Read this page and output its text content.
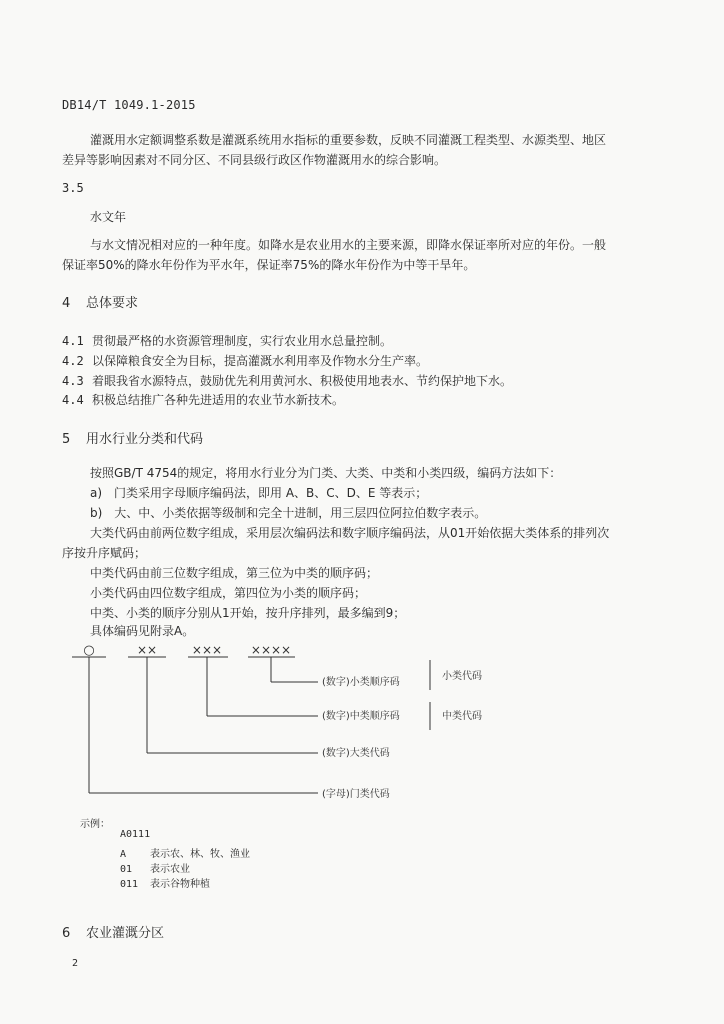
DB14/T 1049.1-2015
灌溉用水定额调整系数是灌溉系统用水指标的重要参数，反映不同灌溉工程类型、水源类型、地区
差异等影响因素对不同分区、不同县级行政区作物灌溉用水的综合影响。
3.5
水文年
与水文情况相对应的一种年度。如降水是农业用水的主要来源，即降水保证率所对应的年份。一般
保证率50%的降水年份作为平水年，保证率75%的降水年份作为中等干旱年。
4 总体要求
4.1 贯彻最严格的水资源管理制度，实行农业用水总量控制。
4.2 以保障粮食安全为目标，提高灌溉水利用率及作物水分生产率。
4.3 着眼我省水源特点，鼓励优先利用黄河水、积极使用地表水、节约保护地下水。
4.4 积极总结推广各种先进适用的农业节水新技术。
5 用水行业分类和代码
按照GB/T 4754的规定，将用水行业分为门类、大类、中类和小类四级，编码方法如下：
a)　门类采用字母顺序编码法，即用 A、B、C、D、E 等表示；
b)　大、中、小类依据等级制和完全十进制，用三层四位阿拉伯数字表示。
大类代码由前两位数字组成，采用层次编码法和数字顺序编码法，从01开始依据大类体系的排列次
序按升序赋码；
中类代码由前三位数字组成，第三位为中类的顺序码；
小类代码由四位数字组成，第四位为小类的顺序码；
中类、小类的顺序分别从1开始，按升序排列，最多编到9；
具体编码见附录A。
○	××	××× ××××
(数字)小类顺序码
(数字)中类顺序码
(数字)大类代码
(字母)门类代码
小类代码
中类代码
示例：
A0111
A 表示农、林、牧、渔业
01 表示农业
011 表示谷物种植
6 农业灌溉分区
2
